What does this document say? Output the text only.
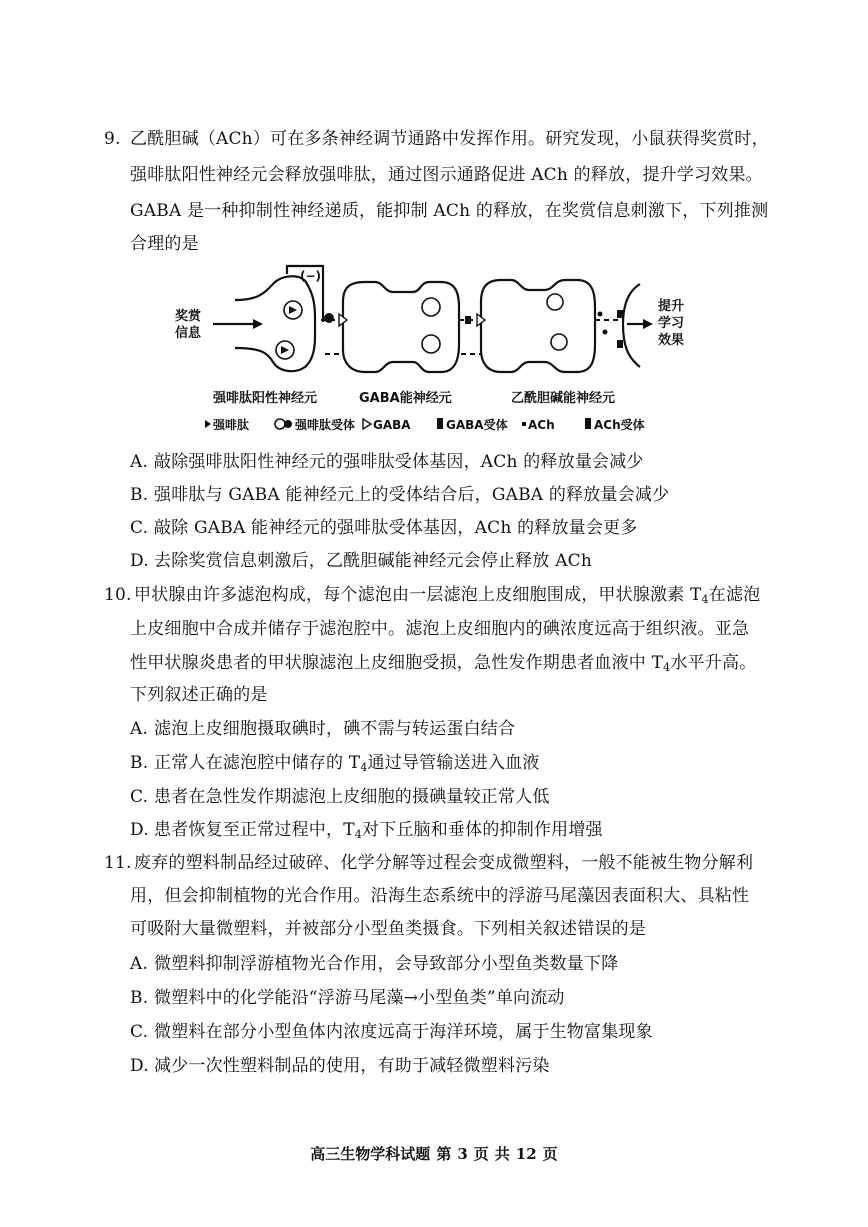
9. 乙酰胆碱（ACh）可在多条神经调节通路中发挥作用。研究发现，小鼠获得奖赏时，
强啡肽阳性神经元会释放强啡肽，通过图示通路促进 ACh 的释放，提升学习效果。
GABA 是一种抑制性神经递质，能抑制 ACh 的释放，在奖赏信息刺激下，下列推测
合理的是
奖赏
信息
提升
学习
效果
(−)
强啡肽阳性神经元	GABA能神经元	乙酰胆碱能神经元
强啡肽	强啡肽受体 GABA	GABA受体 ACh	ACh受体
A. 敲除强啡肽阳性神经元的强啡肽受体基因，ACh 的释放量会减少
B. 强啡肽与 GABA 能神经元上的受体结合后，GABA 的释放量会减少
C. 敲除 GABA 能神经元的强啡肽受体基因，ACh 的释放量会更多
D. 去除奖赏信息刺激后，乙酰胆碱能神经元会停止释放 ACh
10. 甲状腺由许多滤泡构成，每个滤泡由一层滤泡上皮细胞围成，甲状腺激素 $T_4$在滤泡
上皮细胞中合成并储存于滤泡腔中。滤泡上皮细胞内的碘浓度远高于组织液。亚急
性甲状腺炎患者的甲状腺滤泡上皮细胞受损，急性发作期患者血液中 $T_4$水平升高。
下列叙述正确的是
A. 滤泡上皮细胞摄取碘时，碘不需与转运蛋白结合
B. 正常人在滤泡腔中储存的 $T_4$通过导管输送进入血液
C. 患者在急性发作期滤泡上皮细胞的摄碘量较正常人低
D. 患者恢复至正常过程中，$T_4$对下丘脑和垂体的抑制作用增强
11. 废弃的塑料制品经过破碎、化学分解等过程会变成微塑料，一般不能被生物分解利
用，但会抑制植物的光合作用。沿海生态系统中的浮游马尾藻因表面积大、具粘性
可吸附大量微塑料，并被部分小型鱼类摄食。下列相关叙述错误的是
A. 微塑料抑制浮游植物光合作用，会导致部分小型鱼类数量下降
B. 微塑料中的化学能沿“浮游马尾藻→小型鱼类”单向流动
C. 微塑料在部分小型鱼体内浓度远高于海洋环境，属于生物富集现象
D. 减少一次性塑料制品的使用，有助于减轻微塑料污染
高三生物学科试题 第 3 页 共 12 页
